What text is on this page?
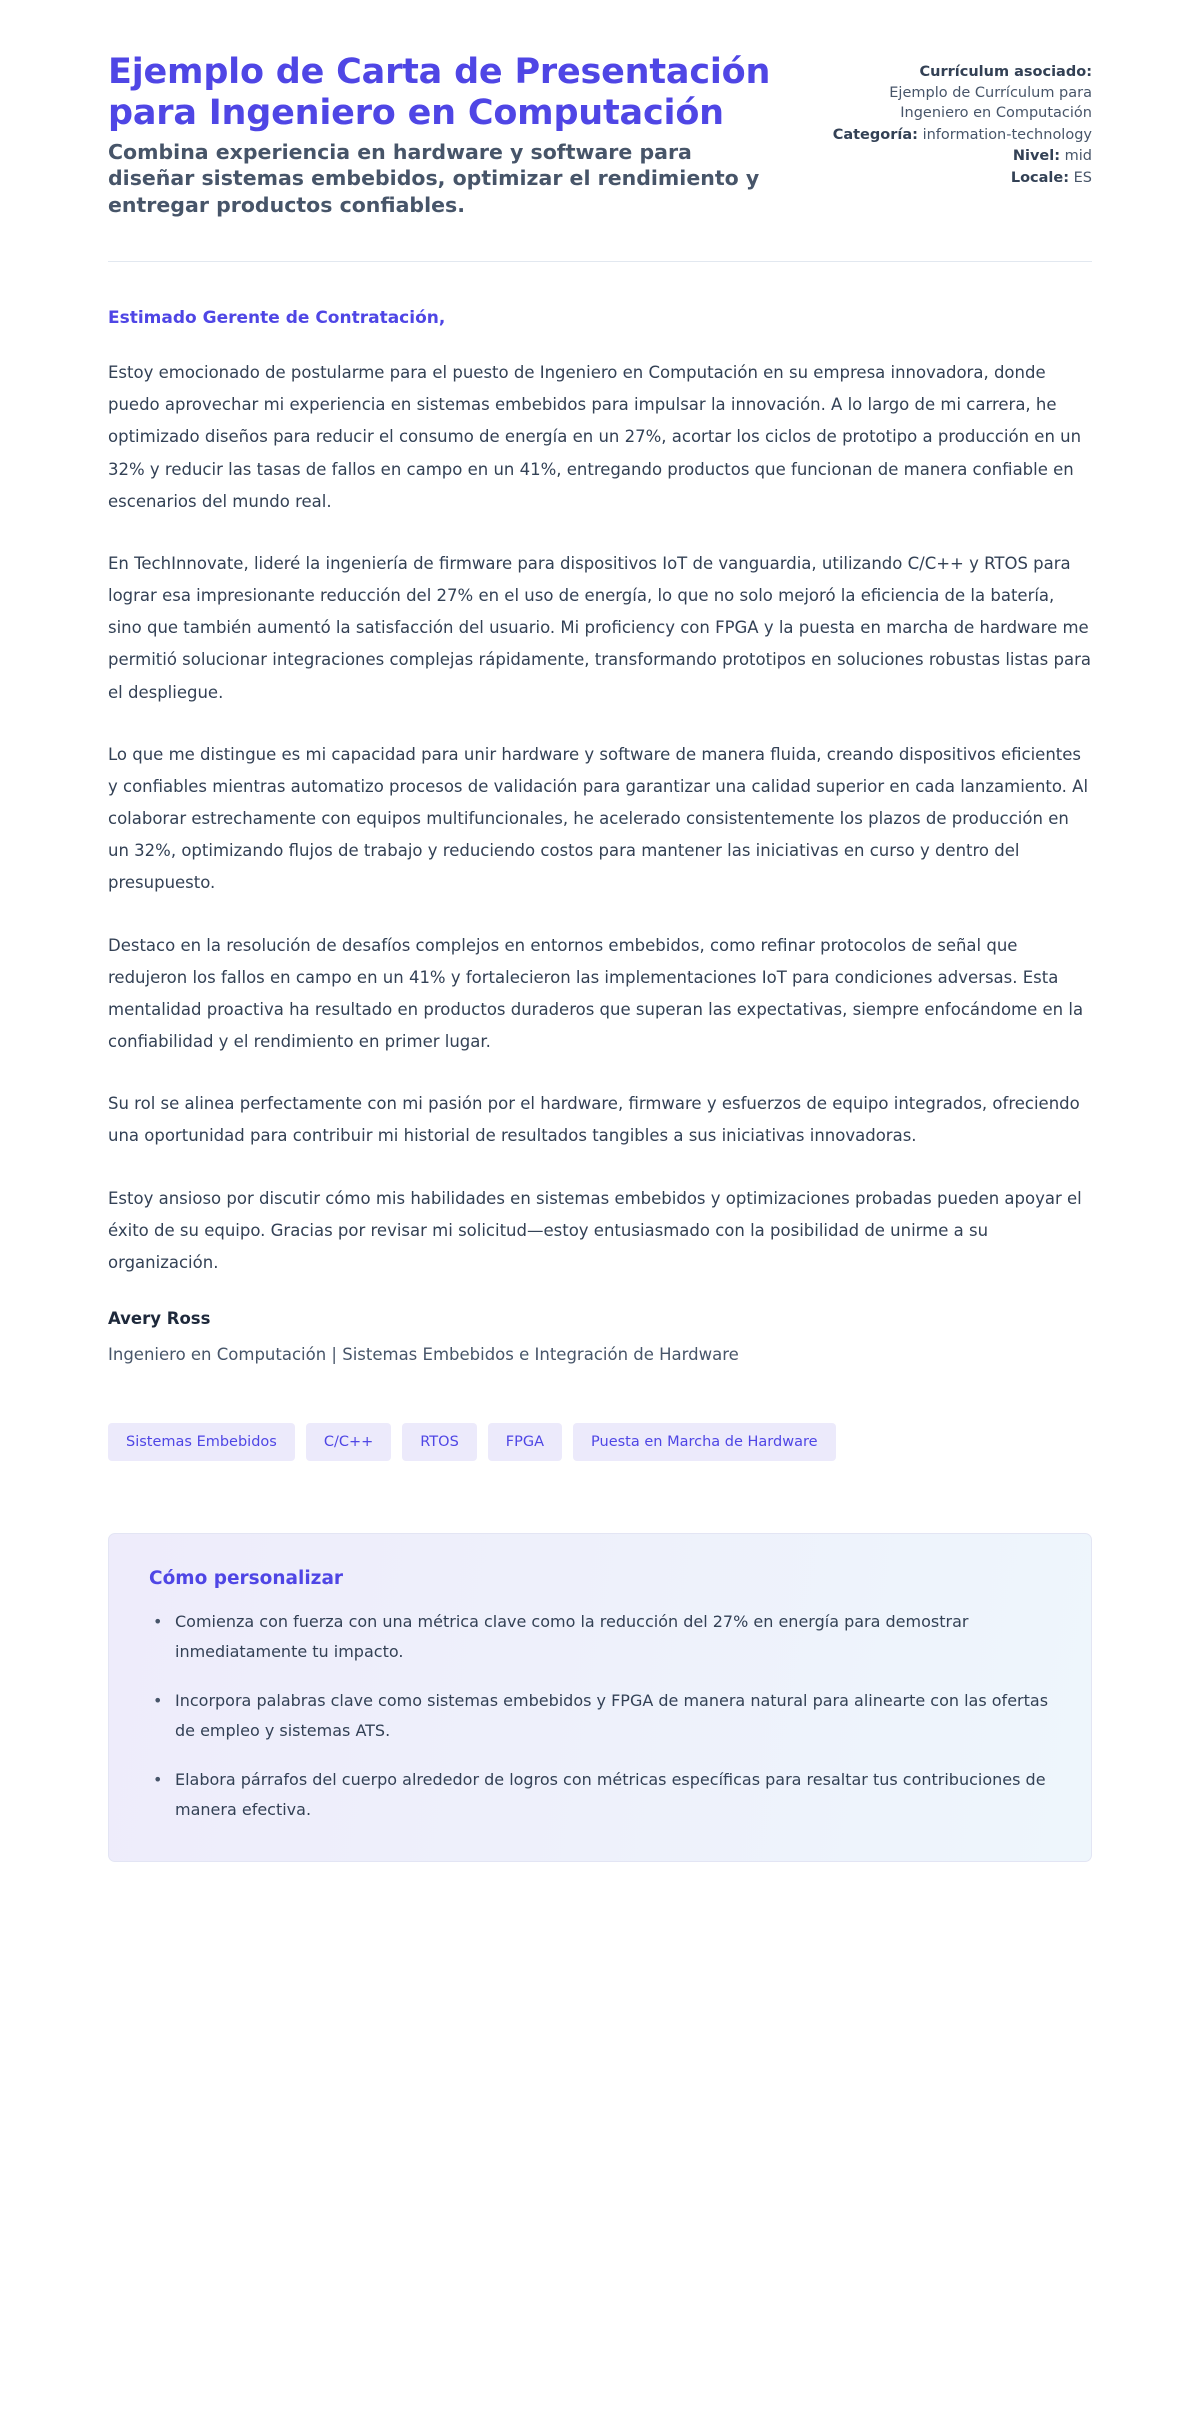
Ejemplo de Carta de Presentación para Ingeniero en Computación

Combina experiencia en hardware y software para diseñar sistemas embebidos, optimizar el rendimiento y entregar productos confiables.

Currículum asociado:
Ejemplo de Currículum para Ingeniero en Computación
Categoría: information-technology
Nivel: mid
Locale: ES

Estimado Gerente de Contratación,

Estoy emocionado de postularme para el puesto de Ingeniero en Computación en su empresa innovadora, donde puedo aprovechar mi experiencia en sistemas embebidos para impulsar la innovación. A lo largo de mi carrera, he optimizado diseños para reducir el consumo de energía en un 27%, acortar los ciclos de prototipo a producción en un 32% y reducir las tasas de fallos en campo en un 41%, entregando productos que funcionan de manera confiable en escenarios del mundo real.

En TechInnovate, lideré la ingeniería de firmware para dispositivos IoT de vanguardia, utilizando C/C++ y RTOS para lograr esa impresionante reducción del 27% en el uso de energía, lo que no solo mejoró la eficiencia de la batería, sino que también aumentó la satisfacción del usuario. Mi proficiency con FPGA y la puesta en marcha de hardware me permitió solucionar integraciones complejas rápidamente, transformando prototipos en soluciones robustas listas para el despliegue.

Lo que me distingue es mi capacidad para unir hardware y software de manera fluida, creando dispositivos eficientes y confiables mientras automatizo procesos de validación para garantizar una calidad superior en cada lanzamiento. Al colaborar estrechamente con equipos multifuncionales, he acelerado consistentemente los plazos de producción en un 32%, optimizando flujos de trabajo y reduciendo costos para mantener las iniciativas en curso y dentro del presupuesto.

Destaco en la resolución de desafíos complejos en entornos embebidos, como refinar protocolos de señal que redujeron los fallos en campo en un 41% y fortalecieron las implementaciones IoT para condiciones adversas. Esta mentalidad proactiva ha resultado en productos duraderos que superan las expectativas, siempre enfocándome en la confiabilidad y el rendimiento en primer lugar.

Su rol se alinea perfectamente con mi pasión por el hardware, firmware y esfuerzos de equipo integrados, ofreciendo una oportunidad para contribuir mi historial de resultados tangibles a sus iniciativas innovadoras.

Estoy ansioso por discutir cómo mis habilidades en sistemas embebidos y optimizaciones probadas pueden apoyar el éxito de su equipo. Gracias por revisar mi solicitud—estoy entusiasmado con la posibilidad de unirme a su organización.

Avery Ross

Ingeniero en Computación | Sistemas Embebidos e Integración de Hardware

Sistemas Embebidos	C/C++	RTOS	FPGA	Puesta en Marcha de Hardware

Cómo personalizar

• Comienza con fuerza con una métrica clave como la reducción del 27% en energía para demostrar inmediatamente tu impacto.
• Incorpora palabras clave como sistemas embebidos y FPGA de manera natural para alinearte con las ofertas de empleo y sistemas ATS.
• Elabora párrafos del cuerpo alrededor de logros con métricas específicas para resaltar tus contribuciones de manera efectiva.
